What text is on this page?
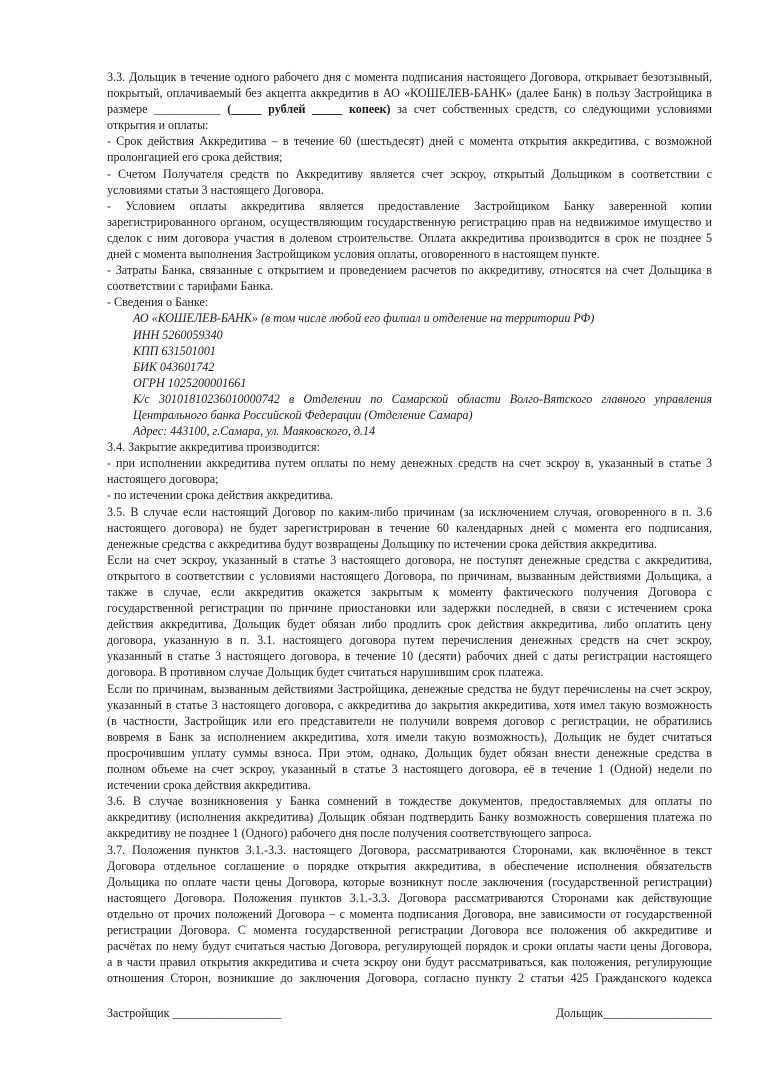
3.3. Дольщик в течение одного рабочего дня с момента подписания настоящего Договора, открывает безотзывный,
покрытый, оплачиваемый без акцепта аккредитив в АО «КОШЕЛЕВ-БАНК» (далее Банк) в пользу Застройщика в
размере ___________ (_____ рублей _____ копеек) за счет собственных средств, со следующими условиями
открытия и оплаты:
- Срок действия Аккредитива – в течение 60 (шестьдесят) дней с момента открытия аккредитива, с возможной
пролонгацией его срока действия;
- Счетом Получателя средств по Аккредитиву является счет эскроу, открытый Дольщиком в соответствии с
условиями статьи 3 настоящего Договора.
- Условием оплаты аккредитива является предоставление Застройщиком Банку заверенной копии
зарегистрированного органом, осуществляющим государственную регистрацию прав на недвижимое имущество и
сделок с ним договора участия в долевом строительстве. Оплата аккредитива производится в срок не позднее 5
дней с момента выполнения Застройщиком условия оплаты, оговоренного в настоящем пункте.
- Затраты Банка, связанные с открытием и проведением расчетов по аккредитиву, относятся на счет Дольщика в
соответствии с тарифами Банка.
- Сведения о Банке:
АО «КОШЕЛЕВ-БАНК» (в том числе любой его филиал и отделение на территории РФ)
ИНН 5260059340
КПП 631501001
БИК 043601742
ОГРН 1025200001661
К/с 30101810236010000742 в Отделении по Самарской области Волго-Вятского главного управления
Центрального банка Российской Федерации (Отделение Самара)
Адрес: 443100, г.Самара, ул. Маяковского, д.14
3.4. Закрытие аккредитива производится:
- при исполнении аккредитива путем оплаты по нему денежных средств на счет эскроу в, указанный в статье 3
настоящего договора;
- по истечении срока действия аккредитива.
3.5. В случае если настоящий Договор по каким-либо причинам (за исключением случая, оговоренного в п. 3.6
настоящего договора) не будет зарегистрирован в течение 60 календарных дней с момента его подписания,
денежные средства с аккредитива будут возвращены Дольщику по истечении срока действия аккредитива.
Если на счет эскроу, указанный в статье 3 настоящего договора, не поступят денежные средства с аккредитива,
открытого в соответствии с условиями настоящего Договора, по причинам, вызванным действиями Дольщика, а
также в случае, если аккредитив окажется закрытым к моменту фактического получения Договора с
государственной регистрации по причине приостановки или задержки последней, в связи с истечением срока
действия аккредитива, Дольщик будет обязан либо продлить срок действия аккредитива, либо оплатить цену
договора, указанную в п. 3.1. настоящего договора путем перечисления денежных средств на счет эскроу,
указанный в статье 3 настоящего договора, в течение 10 (десяти) рабочих дней с даты регистрации настоящего
договора. В противном случае Дольщик будет считаться нарушившим срок платежа.
Если по причинам, вызванным действиями Застройщика, денежные средства не будут перечислены на счет эскроу,
указанный в статье 3 настоящего договора, с аккредитива до закрытия аккредитива, хотя имел такую возможность
(в частности, Застройщик или его представители не получили вовремя договор с регистрации, не обратились
вовремя в Банк за исполнением аккредитива, хотя имели такую возможность), Дольщик не будет считаться
просрочившим уплату суммы взноса. При этом, однако, Дольщик будет обязан внести денежные средства в
полном объеме на счет эскроу, указанный в статье 3 настоящего договора, её в течение 1 (Одной) недели по
истечении срока действия аккредитива.
3.6. В случае возникновения у Банка сомнений в тождестве документов, предоставляемых для оплаты по
аккредитиву (исполнения аккредитива) Дольщик обязан подтвердить Банку возможность совершения платежа по
аккредитиву не позднее 1 (Одного) рабочего дня после получения соответствующего запроса.
3.7. Положения пунктов 3.1.-3.3. настоящего Договора, рассматриваются Сторонами, как включённое в текст
Договора отдельное соглашение о порядке открытия аккредитива, в обеспечение исполнения обязательств
Дольщика по оплате части цены Договора, которые возникнут после заключения (государственной регистрации)
настоящего Договора. Положения пунктов 3.1.-3.3. Договора рассматриваются Сторонами как действующие
отдельно от прочих положений Договора – с момента подписания Договора, вне зависимости от государственной
регистрации Договора. С момента государственной регистрации Договора все положения об аккредитиве и
расчётах по нему будут считаться частью Договора, регулирующей порядок и сроки оплаты части цены Договора,
а в части правил открытия аккредитива и счета эскроу они будут рассматриваться, как положения, регулирующие
отношения Сторон, возникшие до заключения Договора, согласно пункту 2 статьи 425 Гражданского кодекса
Застройщик __________________	Дольщик__________________
